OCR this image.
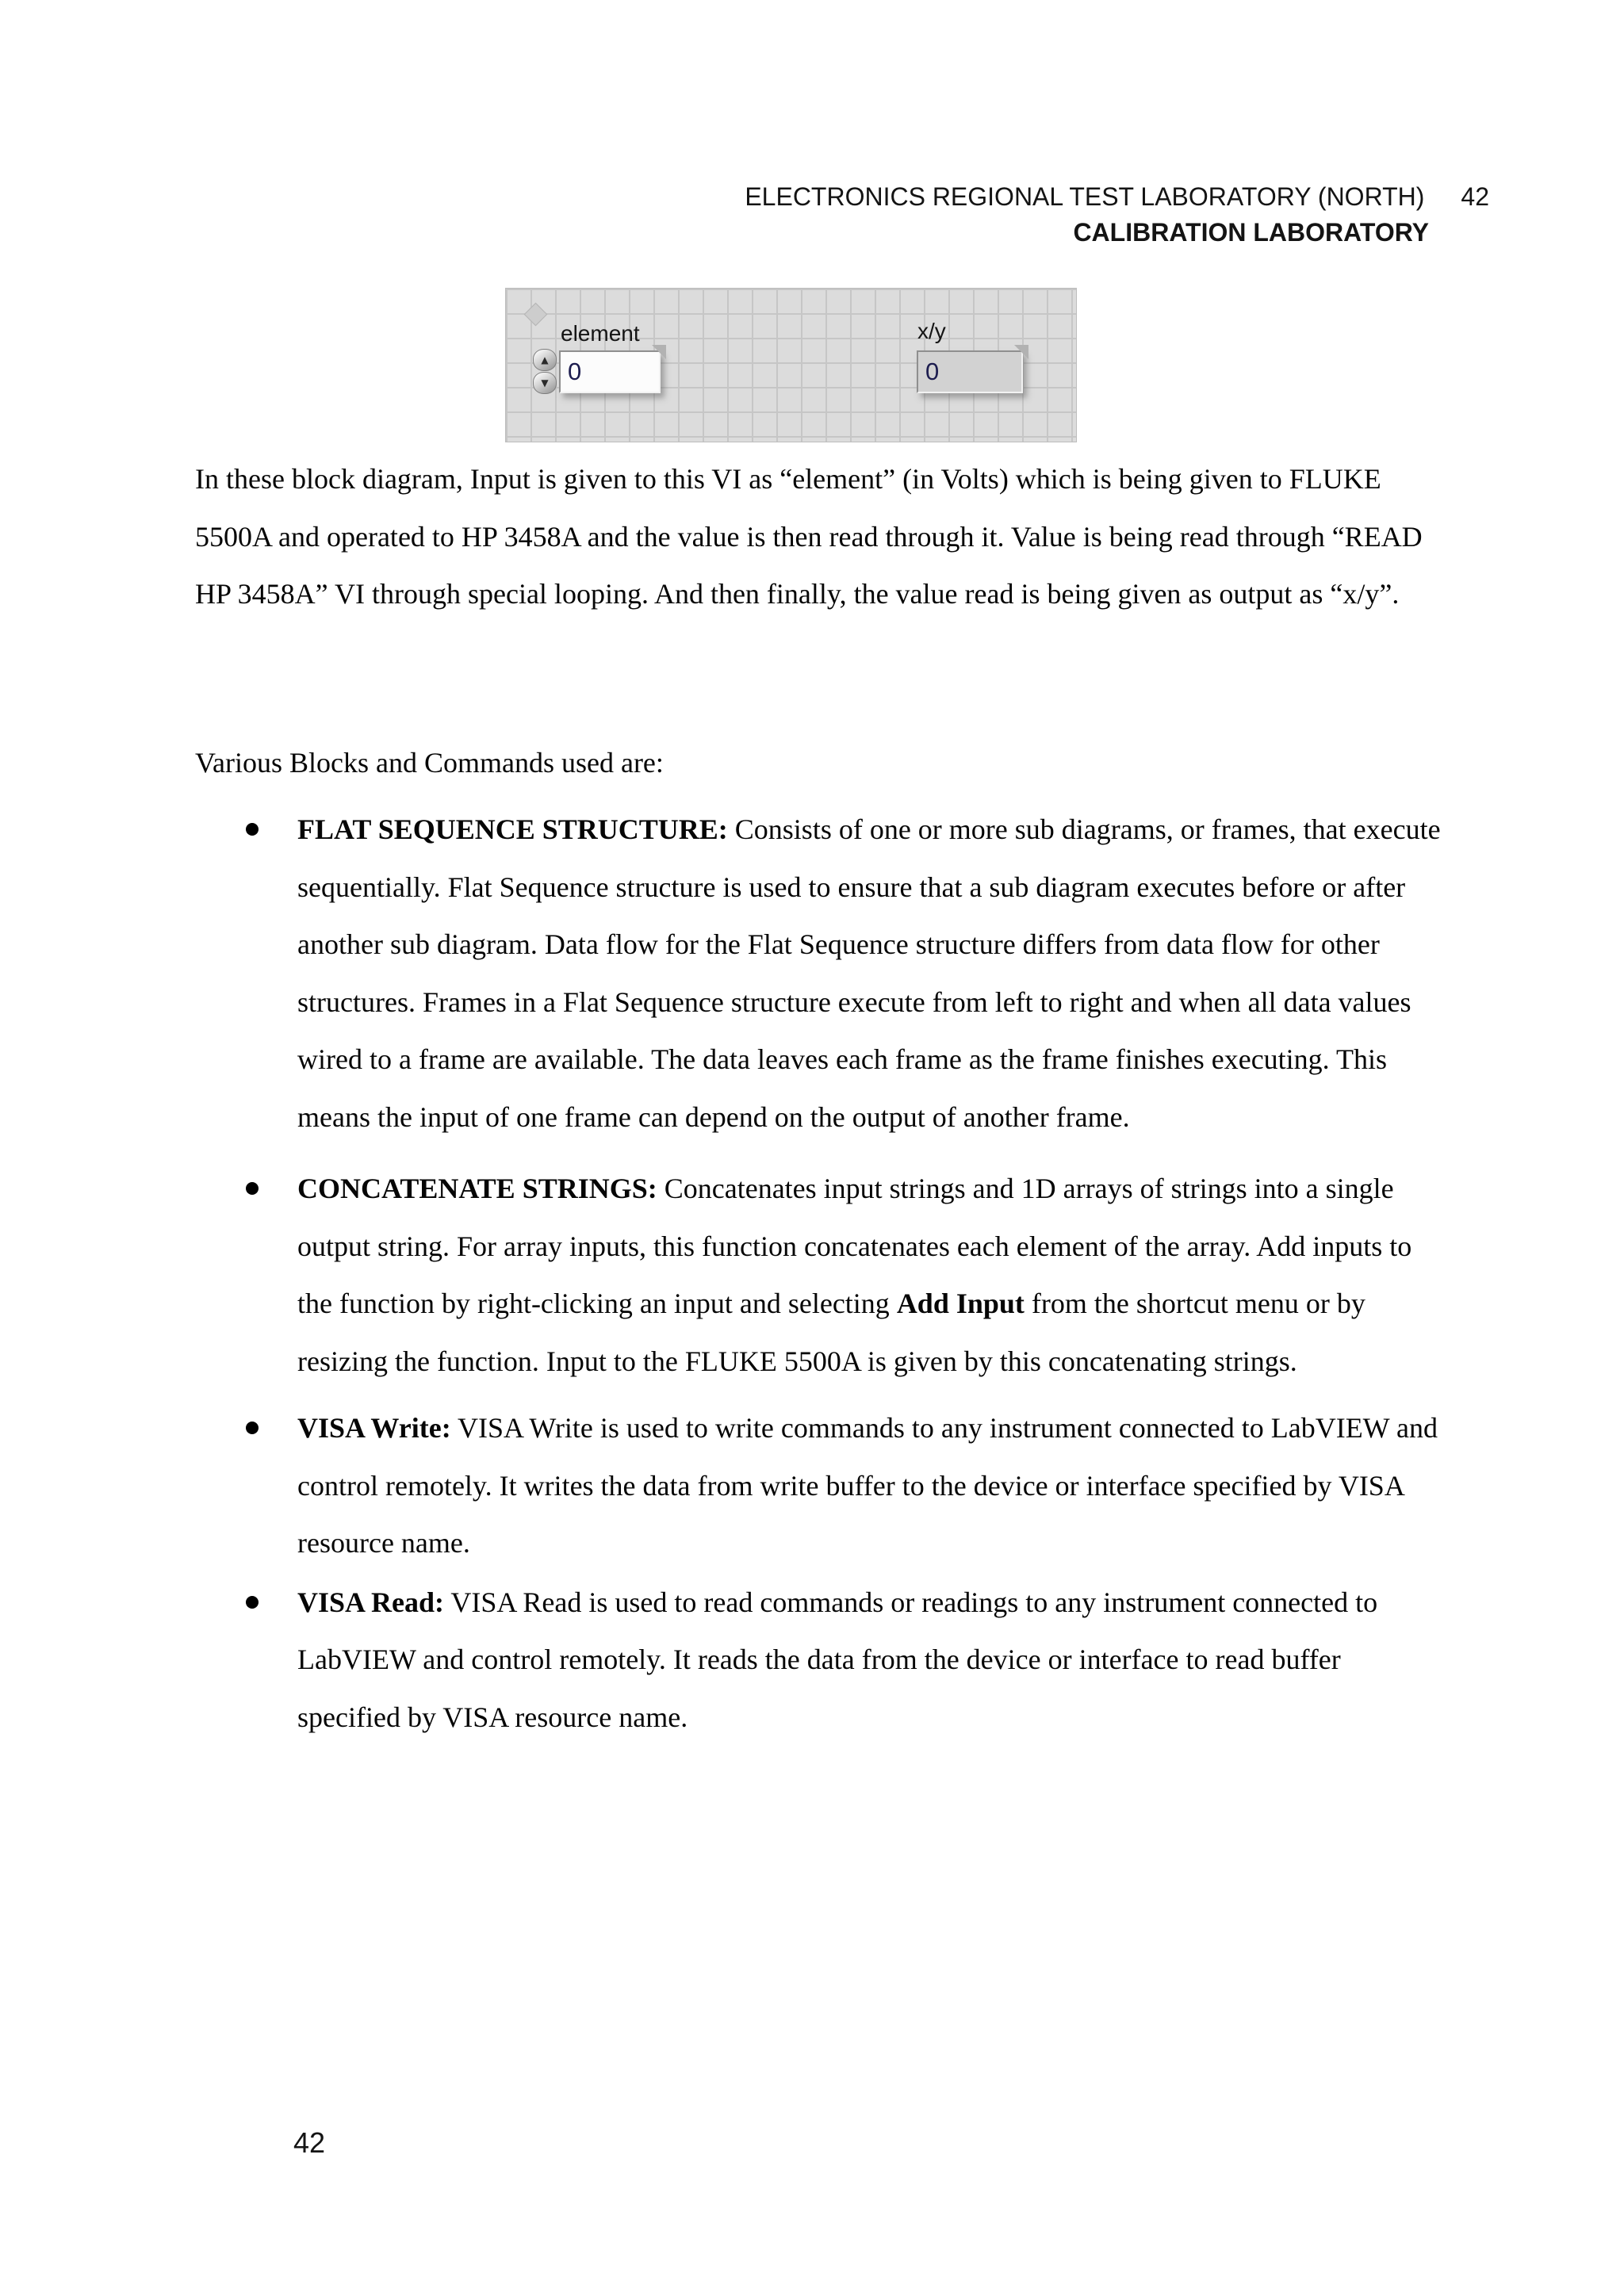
ELECTRONICS REGIONAL TEST LABORATORY (NORTH) 42
CALIBRATION LABORATORY
element
▲
▼ 0
x/y
0
In these block diagram, Input is given to this VI as “element” (in Volts) which is being given to FLUKE 5500A and operated to HP 3458A and the value is then read through it. Value is being read through “READ HP 3458A” VI through special looping. And then finally, the value read is being given as output as “x/y”.
Various Blocks and Commands used are:
FLAT SEQUENCE STRUCTURE: Consists of one or more sub diagrams, or frames, that execute sequentially. Flat Sequence structure is used to ensure that a sub diagram executes before or after another sub diagram. Data flow for the Flat Sequence structure differs from data flow for other structures. Frames in a Flat Sequence structure execute from left to right and when all data values wired to a frame are available. The data leaves each frame as the frame finishes executing. This means the input of one frame can depend on the output of another frame.
CONCATENATE STRINGS: Concatenates input strings and 1D arrays of strings into a single output string. For array inputs, this function concatenates each element of the array. Add inputs to the function by right-clicking an input and selecting Add Input from the shortcut menu or by resizing the function. Input to the FLUKE 5500A is given by this concatenating strings.
VISA Write: VISA Write is used to write commands to any instrument connected to LabVIEW and control remotely. It writes the data from write buffer to the device or interface specified by VISA resource name.
VISA Read: VISA Read is used to read commands or readings to any instrument connected to LabVIEW and control remotely. It reads the data from the device or interface to read buffer specified by VISA resource name.
42
